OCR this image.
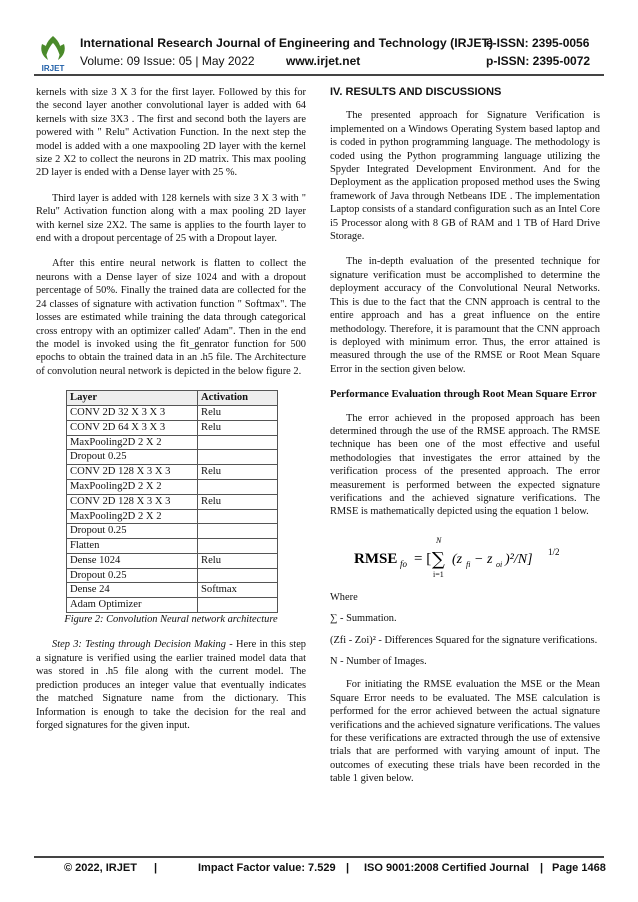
IRJET
International Research Journal of Engineering and Technology (IRJET)
e-ISSN: 2395-0056
Volume: 09 Issue: 05 | May 2022	www.irjet.net	p-ISSN: 2395-0072

kernels with size 3 X 3 for the first layer. Followed by this for the second layer another convolutional layer is added with 64 kernels with size 3X3 . The first and second both the layers are powered with " Relu" Activation Function. In the next step the model is added with a one maxpooling 2D layer with the kernel size 2 X2 to collect the neurons in 2D matrix. This max pooling 2D layer is ended with a Dense layer with 25 %.

Third layer is added with 128 kernels with size 3 X 3 with " Relu" Activation function along with a max pooling 2D layer with kernel size 2X2. The same is applies to the fourth layer to end with a dropout percentage of 25 with a Dropout layer.

After this entire neural network is flatten to collect the neurons with a Dense layer of size 1024 and with a dropout percentage of 50%. Finally the trained data are collected for the 24 classes of signature with activation function " Softmax". The losses are estimated while training the data through categorical cross entropy with an optimizer called' Adam". Then in the end the model is invoked using the fit_genrator function for 500 epochs to obtain the trained data in an .h5 file. The Architecture of convolution neural network is depicted in the below figure 2.

Layer	Activation
CONV 2D 32 X 3 X 3	Relu
CONV 2D 64 X 3 X 3	Relu
MaxPooling2D 2 X 2	
Dropout 0.25	
CONV 2D 128 X 3 X 3	Relu
MaxPooling2D 2 X 2	
CONV 2D 128 X 3 X 3	Relu
MaxPooling2D 2 X 2	
Dropout 0.25	
Flatten	
Dense 1024	Relu
Dropout 0.25	
Dense 24	Softmax
Adam Optimizer	

Figure 2: Convolution Neural network architecture

Step 3: Testing through Decision Making - Here in this step a signature is verified using the earlier trained model data that was stored in .h5 file along with the current model. The prediction produces an integer value that eventually indicates the matched Signature name from the dictionary. This Information is enough to take the decision for the real and forged signatures for the given input.

IV. RESULTS AND DISCUSSIONS

The presented approach for Signature Verification is implemented on a Windows Operating System based laptop and is coded in python programming language. The methodology is coded using the Python programming language utilizing the Spyder Integrated Development Environment. And for the Deployment as the application proposed method uses the Swing framework of Java through Netbeans IDE . The implementation Laptop consists of a standard configuration such as an Intel Core i5 Processor along with 8 GB of RAM and 1 TB of Hard Drive Storage.

The in-depth evaluation of the presented technique for signature verification must be accomplished to determine the deployment accuracy of the Convolutional Neural Networks. This is due to the fact that the CNN approach is central to the entire approach and has a great influence on the entire methodology. Therefore, it is paramount that the CNN approach is deployed with minimum error. Thus, the error attained is measured through the use of the RMSE or Root Mean Square Error in the section given below.

Performance Evaluation through Root Mean Square Error

The error achieved in the proposed approach has been determined through the use of the RMSE approach. The RMSE technique has been one of the most effective and useful methodologies that investigates the error attained by the verification process of the presented approach. The error measurement is performed between the expected signature verifications and the achieved signature verifications. The RMSE is mathematically depicted using the equation 1 below.

RMSE fo = [
N
∑
i=1
(z fi − z oi )²/N] 1/2

Where

∑ - Summation.

(Zfi - Zoi)² - Differences Squared for the signature verifications.

N - Number of Images.

For initiating the RMSE evaluation the MSE or the Mean Square Error needs to be evaluated. The MSE calculation is performed for the error achieved between the actual signature verifications and the achieved signature verifications. The values for these verifications are extracted through the use of extensive trials that are performed with varying amount of input. The outcomes of executing these trials have been recorded in the table 1 given below.

© 2022, IRJET |	Impact Factor value: 7.529 | ISO 9001:2008 Certified Journal | Page 1468
